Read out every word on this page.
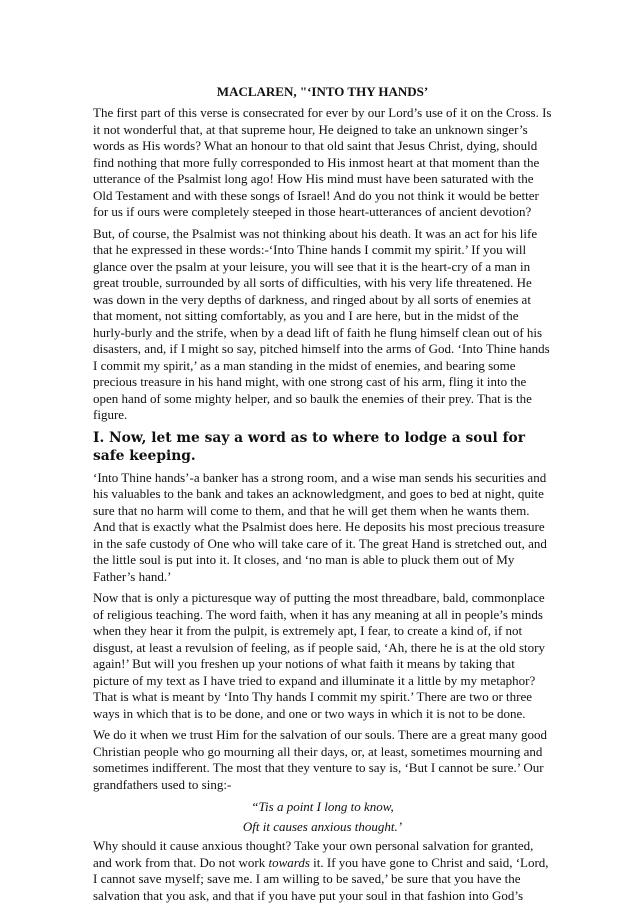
MACLAREN, "‘INTO THY HANDS’

The first part of this verse is consecrated for ever by our Lord’s use of it on the Cross. Is it not wonderful that, at that supreme hour, He deigned to take an unknown singer’s words as His words? What an honour to that old saint that Jesus Christ, dying, should find nothing that more fully corresponded to His inmost heart at that moment than the utterance of the Psalmist long ago! How His mind must have been saturated with the Old Testament and with these songs of Israel! And do you not think it would be better for us if ours were completely steeped in those heart-utterances of ancient devotion?

But, of course, the Psalmist was not thinking about his death. It was an act for his life that he expressed in these words:-‘Into Thine hands I commit my spirit.’ If you will glance over the psalm at your leisure, you will see that it is the heart-cry of a man in great trouble, surrounded by all sorts of difficulties, with his very life threatened. He was down in the very depths of darkness, and ringed about by all sorts of enemies at that moment, not sitting comfortably, as you and I are here, but in the midst of the hurly-burly and the strife, when by a dead lift of faith he flung himself clean out of his disasters, and, if I might so say, pitched himself into the arms of God. ‘Into Thine hands I commit my spirit,’ as a man standing in the midst of enemies, and bearing some precious treasure in his hand might, with one strong cast of his arm, fling it into the open hand of some mighty helper, and so baulk the enemies of their prey. That is the figure.

I. Now, let me say a word as to where to lodge a soul for safe keeping.

‘Into Thine hands’-a banker has a strong room, and a wise man sends his securities and his valuables to the bank and takes an acknowledgment, and goes to bed at night, quite sure that no harm will come to them, and that he will get them when he wants them. And that is exactly what the Psalmist does here. He deposits his most precious treasure in the safe custody of One who will take care of it. The great Hand is stretched out, and the little soul is put into it. It closes, and ‘no man is able to pluck them out of My Father’s hand.’

Now that is only a picturesque way of putting the most threadbare, bald, commonplace of religious teaching. The word faith, when it has any meaning at all in people’s minds when they hear it from the pulpit, is extremely apt, I fear, to create a kind of, if not disgust, at least a revulsion of feeling, as if people said, ‘Ah, there he is at the old story again!’ But will you freshen up your notions of what faith it means by taking that picture of my text as I have tried to expand and illuminate it a little by my metaphor? That is what is meant by ‘Into Thy hands I commit my spirit.’ There are two or three ways in which that is to be done, and one or two ways in which it is not to be done.

We do it when we trust Him for the salvation of our souls. There are a great many good Christian people who go mourning all their days, or, at least, sometimes mourning and sometimes indifferent. The most that they venture to say is, ‘But I cannot be sure.’ Our grandfathers used to sing:-

“Tis a point I long to know,

Oft it causes anxious thought.’

Why should it cause anxious thought? Take your own personal salvation for granted, and work from that. Do not work towards it. If you have gone to Christ and said, ‘Lord, I cannot save myself; save me. I am willing to be saved,’ be sure that you have the salvation that you ask, and that if you have put your soul in that fashion into God’s
